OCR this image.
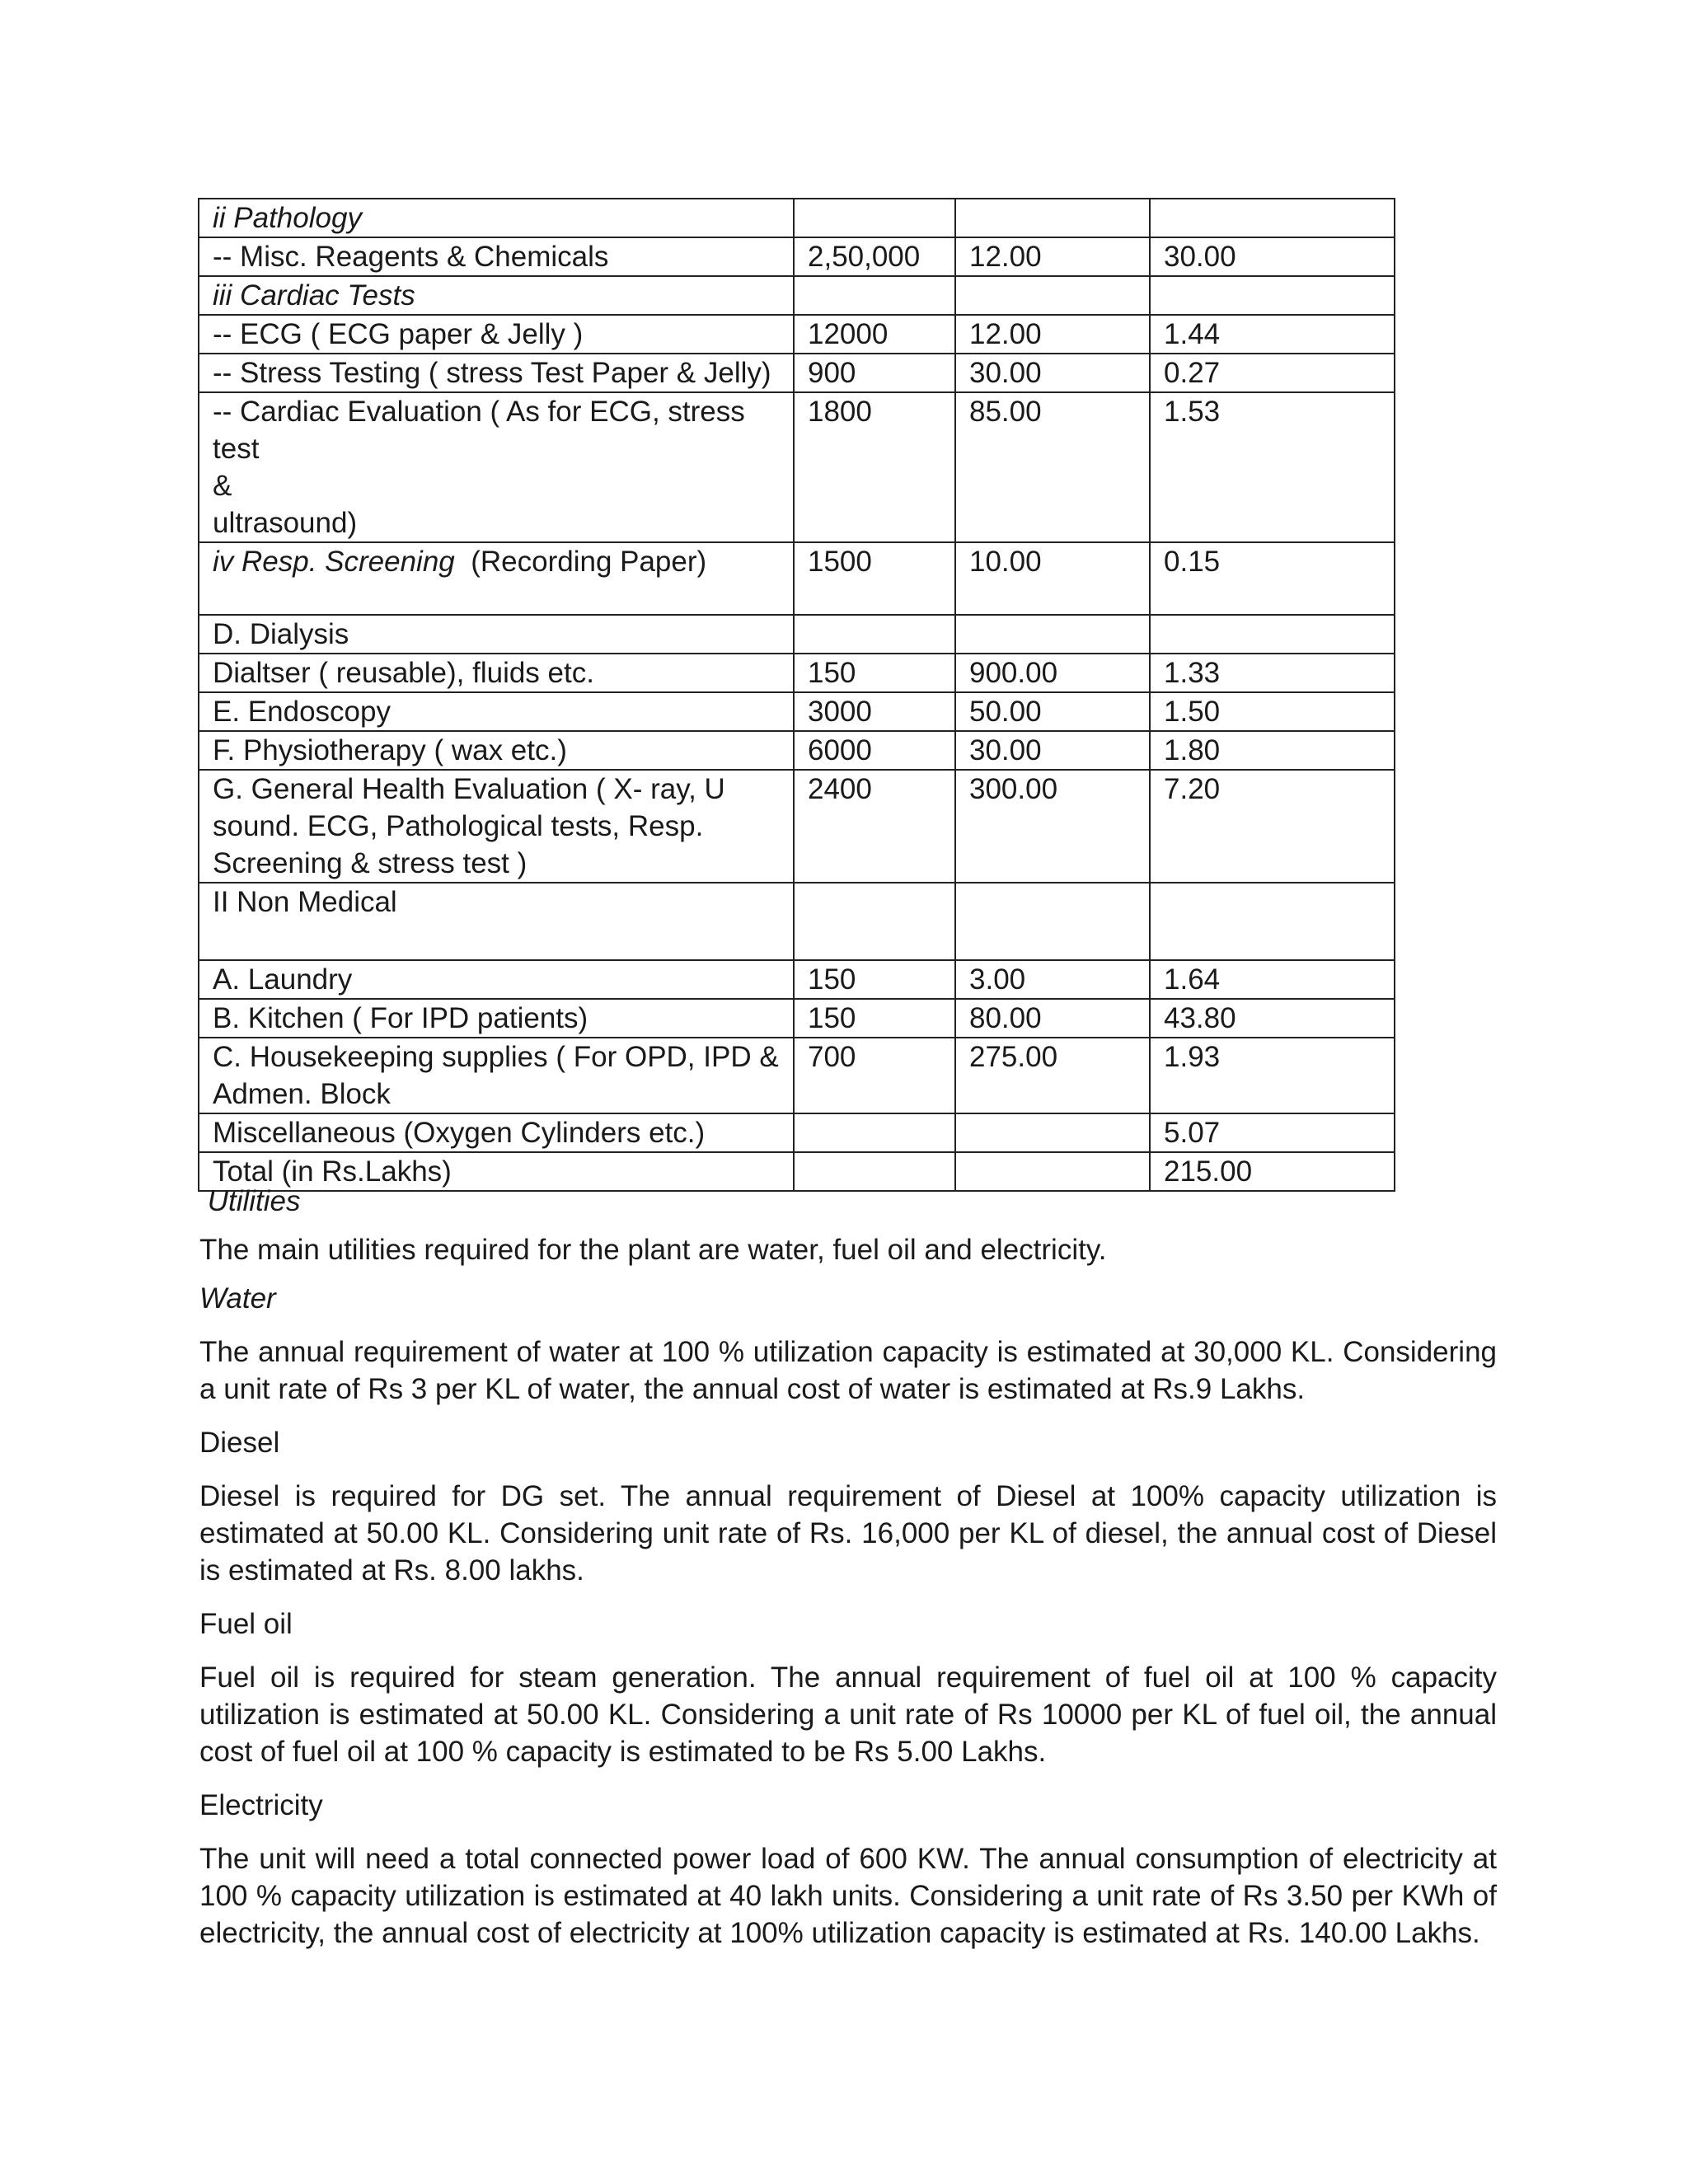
ii Pathology			
-- Misc. Reagents & Chemicals	2,50,000	12.00	30.00
iii Cardiac Tests			
-- ECG ( ECG paper & Jelly )	12000	12.00	1.44
-- Stress Testing ( stress Test Paper & Jelly)	900	30.00	0.27
-- Cardiac Evaluation ( As for ECG, stress test
&
ultrasound)	1800	85.00	1.53
iv Resp. Screening  (Recording Paper)	1500	10.00	0.15
D. Dialysis			
Dialtser ( reusable), fluids etc.	150	900.00	1.33
E. Endoscopy	3000	50.00	1.50
F. Physiotherapy ( wax etc.)	6000	30.00	1.80
G. General Health Evaluation ( X- ray, U
sound. ECG, Pathological tests, Resp.
Screening & stress test )	2400	300.00	7.20
II Non Medical			
A. Laundry	150	3.00	1.64
B. Kitchen ( For IPD patients)	150	80.00	43.80
C. Housekeeping supplies ( For OPD, IPD &
Admen. Block	700	275.00	1.93
Miscellaneous (Oxygen Cylinders etc.)			5.07
Total (in Rs.Lakhs)			215.00

Utilities

The main utilities required for the plant are water, fuel oil and electricity.

Water

The annual requirement of water at 100 % utilization capacity is estimated at 30,000 KL. Considering a unit rate of Rs 3 per KL of water, the annual cost of water is estimated at Rs.9 Lakhs.

Diesel

Diesel is required for DG set. The annual requirement of Diesel at 100% capacity utilization is estimated at 50.00 KL. Considering unit rate of Rs. 16,000 per KL of diesel, the annual cost of Diesel is estimated at Rs. 8.00 lakhs.

Fuel oil

Fuel oil is required for steam generation. The annual requirement of fuel oil at 100 % capacity utilization is estimated at 50.00 KL. Considering a unit rate of Rs 10000 per KL of fuel oil, the annual cost of fuel oil at 100 % capacity is estimated to be Rs 5.00 Lakhs.

Electricity

The unit will need a total connected power load of 600 KW. The annual consumption of electricity at 100 % capacity utilization is estimated at 40 lakh units. Considering a unit rate of Rs 3.50 per KWh of electricity, the annual cost of electricity at 100% utilization capacity is estimated at Rs. 140.00 Lakhs.
